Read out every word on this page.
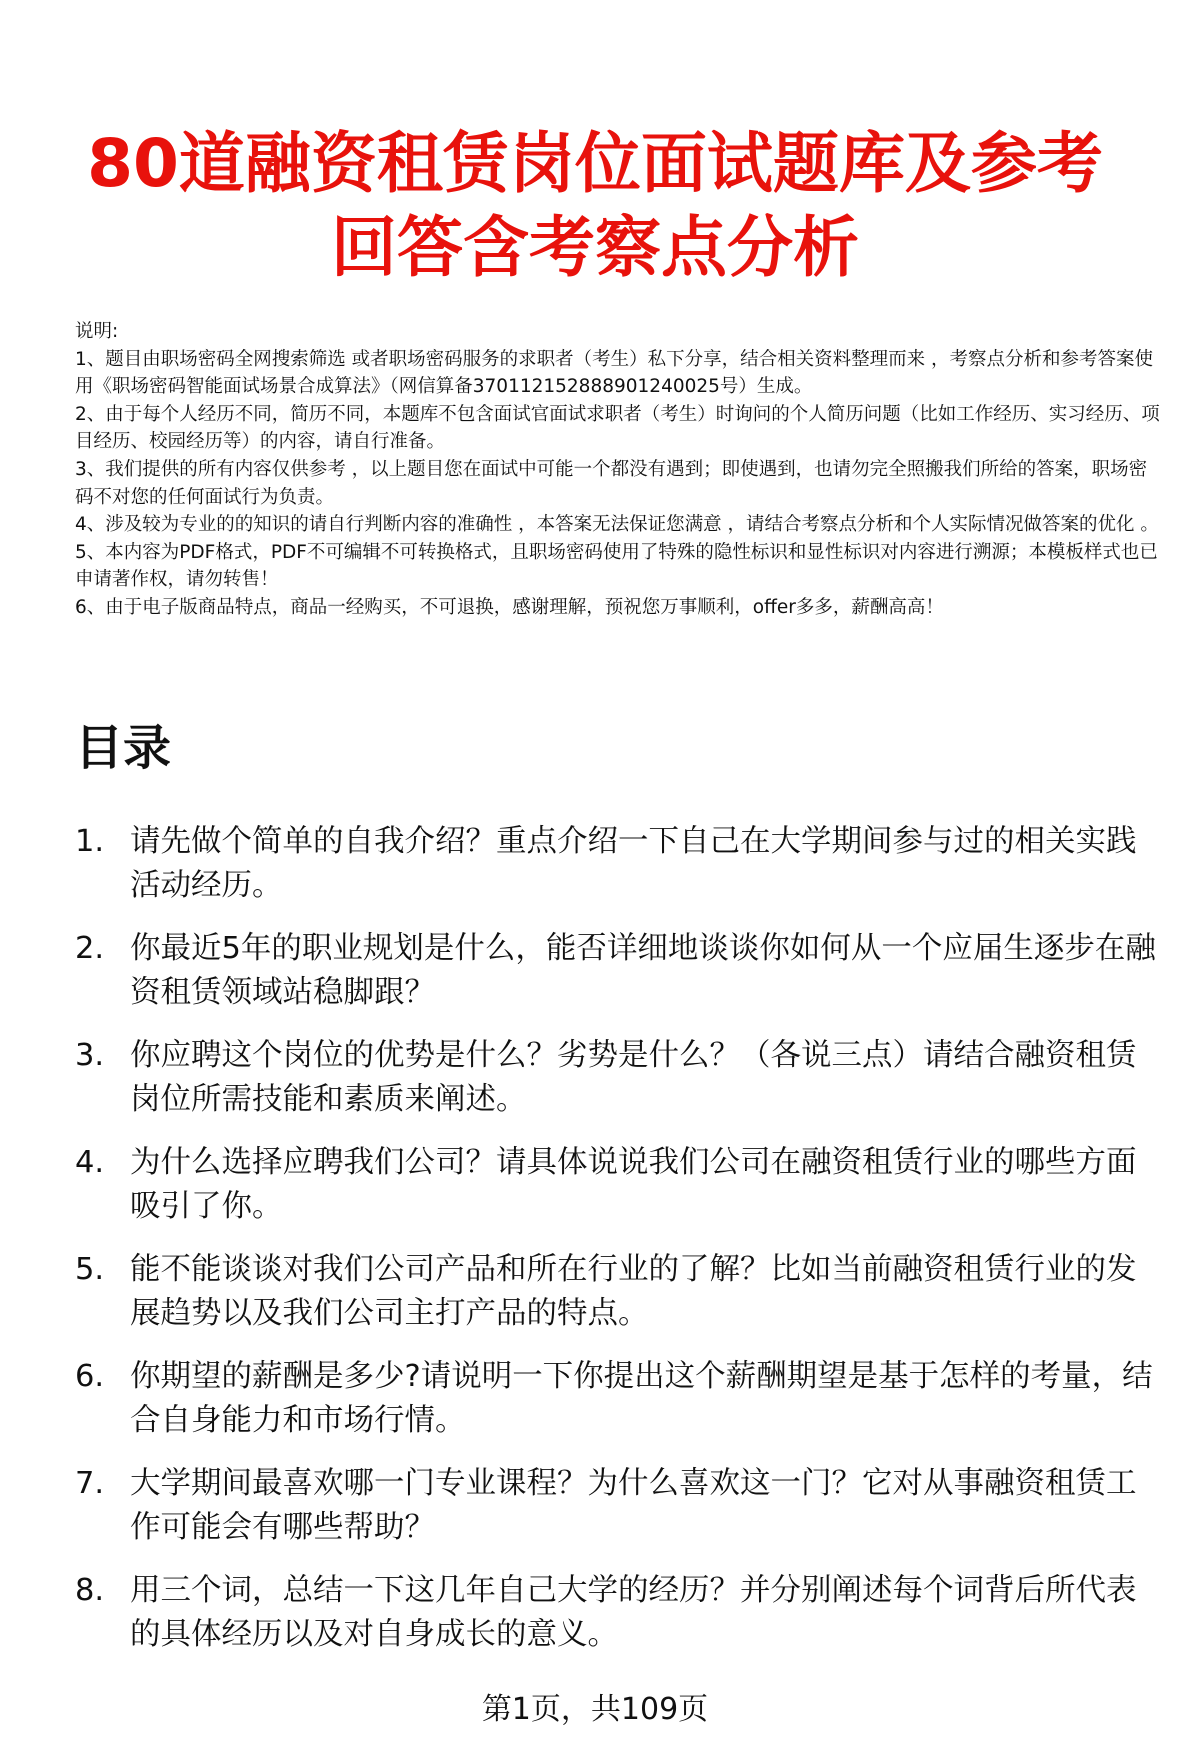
80道融资租赁岗位面试题库及参考回答含考察点分析

说明:

1、题目由职场密码全网搜索筛选 或者职场密码服务的求职者（考生）私下分享，结合相关资料整理而来 ，考察点分析和参考答案使用《职场密码智能面试场景合成算法》（网信算备370112152888901240025号）生成。

2、由于每个人经历不同，简历不同，本题库不包含面试官面试求职者（考生）时询问的个人简历问题（比如工作经历、实习经历、项目经历、校园经历等）的内容，请自行准备。

3、我们提供的所有内容仅供参考 ，以上题目您在面试中可能一个都没有遇到；即使遇到，也请勿完全照搬我们所给的答案，职场密码不对您的任何面试行为负责。

4、涉及较为专业的的知识的请自行判断内容的准确性 ，本答案无法保证您满意 ，请结合考察点分析和个人实际情况做答案的优化 。

5、本内容为PDF格式，PDF不可编辑不可转换格式，且职场密码使用了特殊的隐性标识和显性标识对内容进行溯源；本模板样式也已申请著作权，请勿转售！

6、由于电子版商品特点，商品一经购买，不可退换，感谢理解，预祝您万事顺利，offer多多，薪酬高高！

目录
1. 请先做个简单的自我介绍？重点介绍一下自己在大学期间参与过的相关实践活动经历。
2. 你最近5年的职业规划是什么，能否详细地谈谈你如何从一个应届生逐步在融资租赁领域站稳脚跟？
3. 你应聘这个岗位的优势是什么？劣势是什么？（各说三点）请结合融资租赁岗位所需技能和素质来阐述。
4. 为什么选择应聘我们公司？请具体说说我们公司在融资租赁行业的哪些方面吸引了你。
5. 能不能谈谈对我们公司产品和所在行业的了解？比如当前融资租赁行业的发展趋势以及我们公司主打产品的特点。
6. 你期望的薪酬是多少?请说明一下你提出这个薪酬期望是基于怎样的考量，结合自身能力和市场行情。
7. 大学期间最喜欢哪一门专业课程？为什么喜欢这一门？它对从事融资租赁工作可能会有哪些帮助？
8. 用三个词，总结一下这几年自己大学的经历？并分别阐述每个词背后所代表的具体经历以及对自身成长的意义。
第1页，共109页
